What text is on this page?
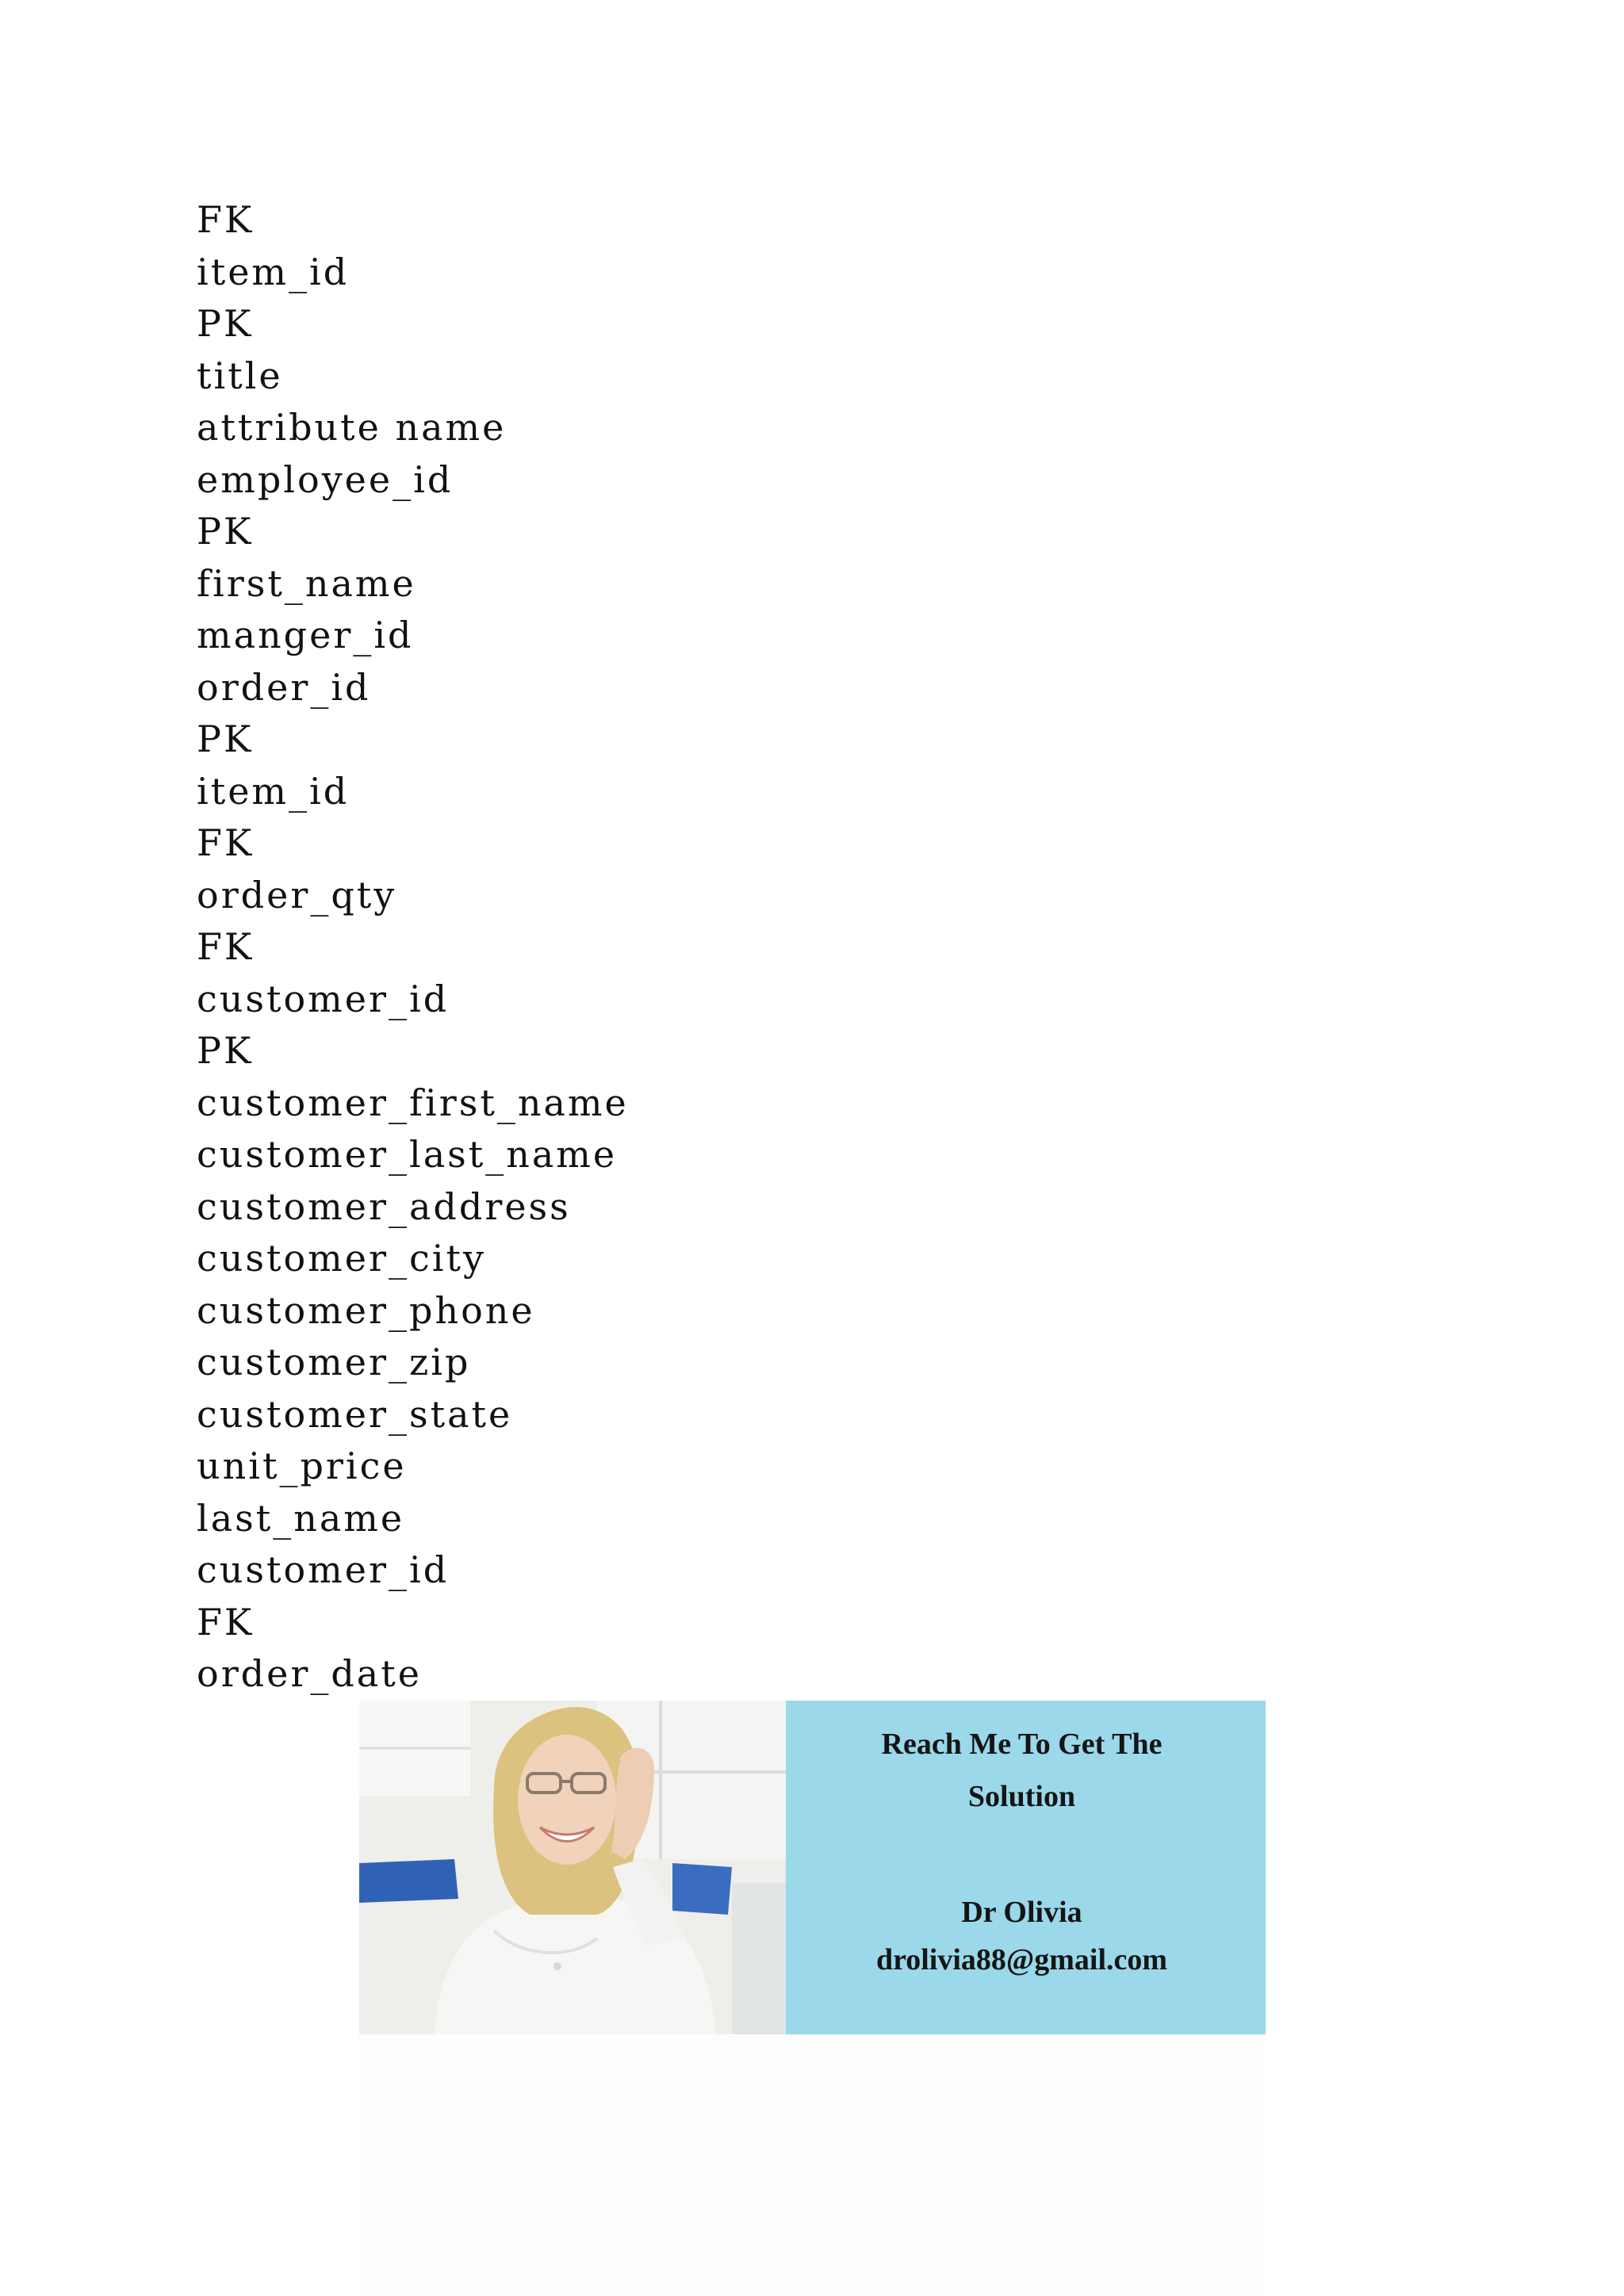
FK
item_id
PK
title
attribute name
employee_id
PK
first_name
manger_id
order_id
PK
item_id
FK
order_qty
FK
customer_id
PK
customer_first_name
customer_last_name
customer_address
customer_city
customer_phone
customer_zip
customer_state
unit_price
last_name
customer_id
FK
order_date
Reach Me To Get The
Solution
Dr Olivia
drolivia88@gmail.com
